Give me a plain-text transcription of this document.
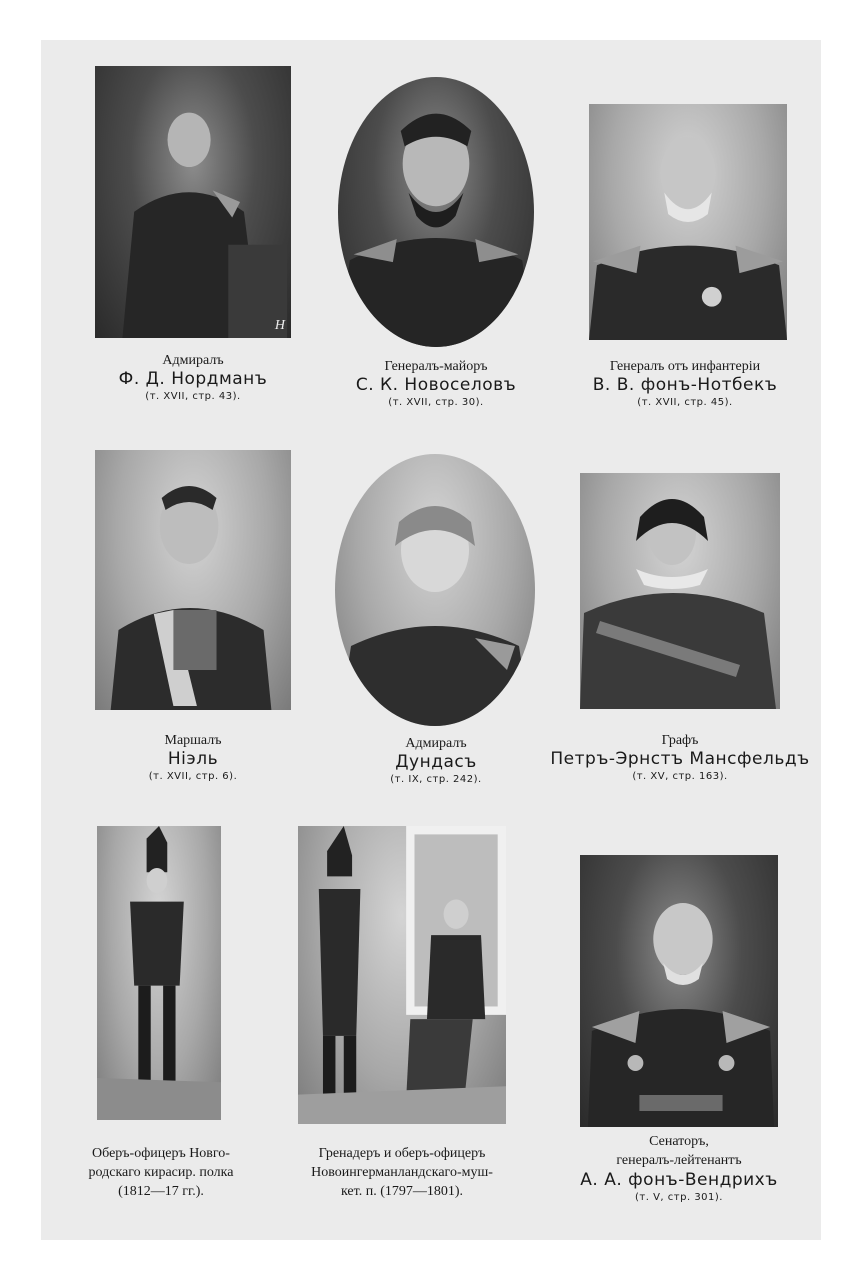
Н
Адмиралъ
Ф. Д. Нордманъ
(т. XVII, стр. 43).
Генералъ-майоръ
С. К. Новоселовъ
(т. XVII, стр. 30).
Генералъ отъ инфантеріи
В. В. фонъ-Нотбекъ
(т. XVII, стр. 45).
Маршалъ
Ніэль
(т. XVII, стр. 6).
Адмиралъ
Дундасъ
(т. IX, стр. 242).
Графъ
Петръ-Эрнстъ Мансфельдъ
(т. XV, стр. 163).
Оберъ-офицеръ Новго-
родскаго кирасир. полка
(1812—17 гг.).
Гренадеръ и оберъ-офицеръ
Новоингерманландскаго-муш-
кет. п. (1797—1801).
Сенаторъ,
генералъ-лейтенантъ
А. А. фонъ-Вендрихъ
(т. V, стр. 301).
